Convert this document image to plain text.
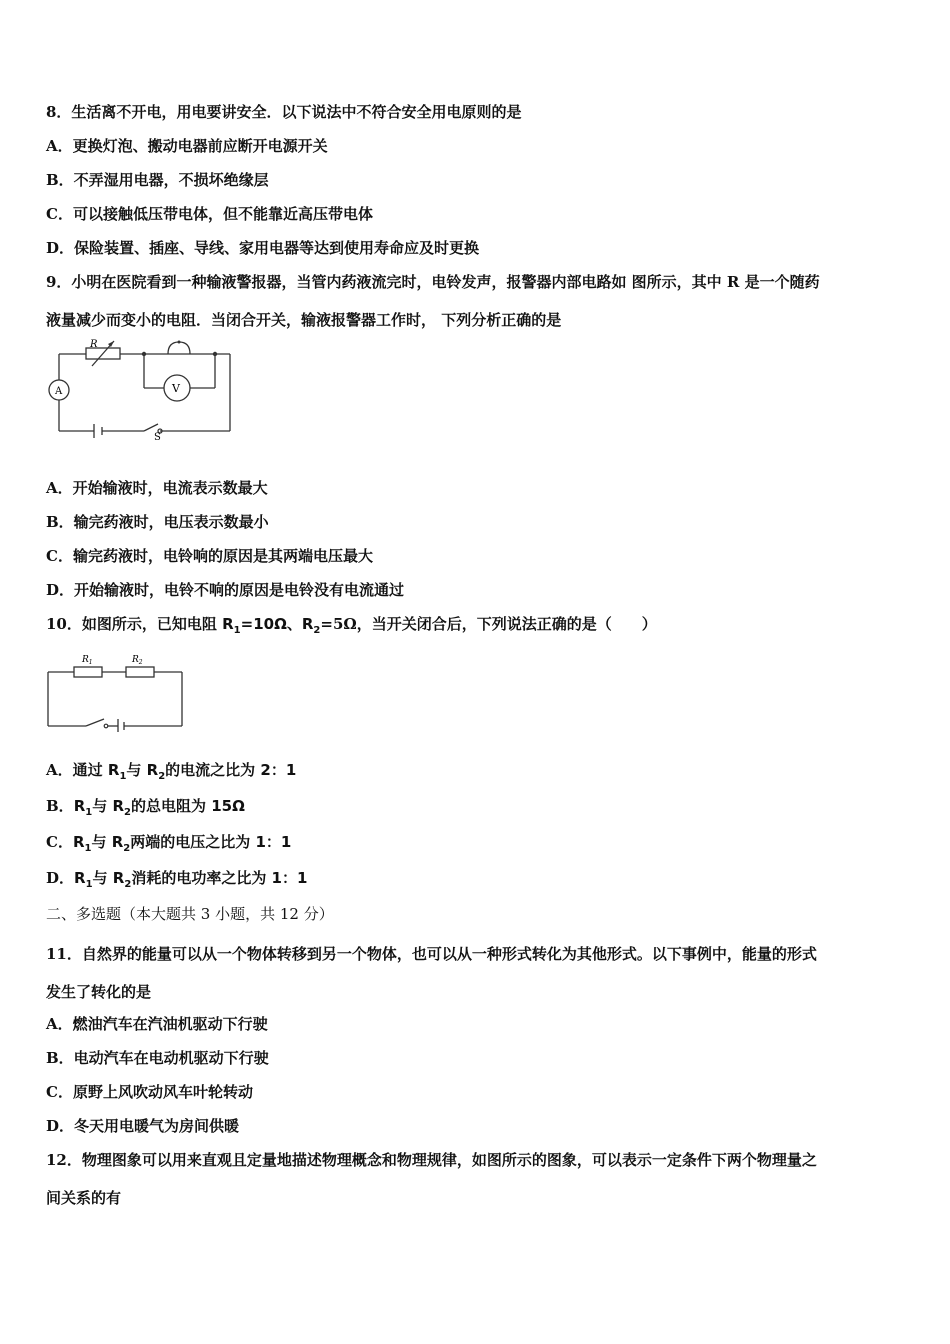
8．生活离不开电，用电要讲安全．以下说法中不符合安全用电原则的是
A．更换灯泡、搬动电器前应断开电源开关
B．不弄湿用电器，不损坏绝缘层
C．可以接触低压带电体，但不能靠近高压带电体
D．保险装置、插座、导线、家用电器等达到使用寿命应及时更换
9．小明在医院看到一种输液警报器，当管内药液流完时，电铃发声，报警器内部电路如 图所示，其中 R 是一个随药
液量减少而变小的电阻．当闭合开关，输液报警器工作时， 下列分析正确的是
R
A	V
S
A．开始输液时，电流表示数最大
B．输完药液时，电压表示数最小
C．输完药液时，电铃响的原因是其两端电压最大
D．开始输液时，电铃不响的原因是电铃没有电流通过
10．如图所示，已知电阻 $R_1=10\Omega$、$R_2=5\Omega$，当开关闭合后，下列说法正确的是（　　）
$R_1$	$R_2$
A．通过 $R_1$与 $R_2$的电流之比为 2：1
B．$R_1$与 $R_2$的总电阻为 15Ω
C．$R_1$与 $R_2$两端的电压之比为 1：1
D．$R_1$与 $R_2$消耗的电功率之比为 1：1
二、多选题（本大题共 3 小题，共 12 分）
11．自然界的能量可以从一个物体转移到另一个物体，也可以从一种形式转化为其他形式。以下事例中，能量的形式
发生了转化的是
A．燃油汽车在汽油机驱动下行驶
B．电动汽车在电动机驱动下行驶
C．原野上风吹动风车叶轮转动
D．冬天用电暖气为房间供暖
12．物理图象可以用来直观且定量地描述物理概念和物理规律，如图所示的图象，可以表示一定条件下两个物理量之
间关系的有
